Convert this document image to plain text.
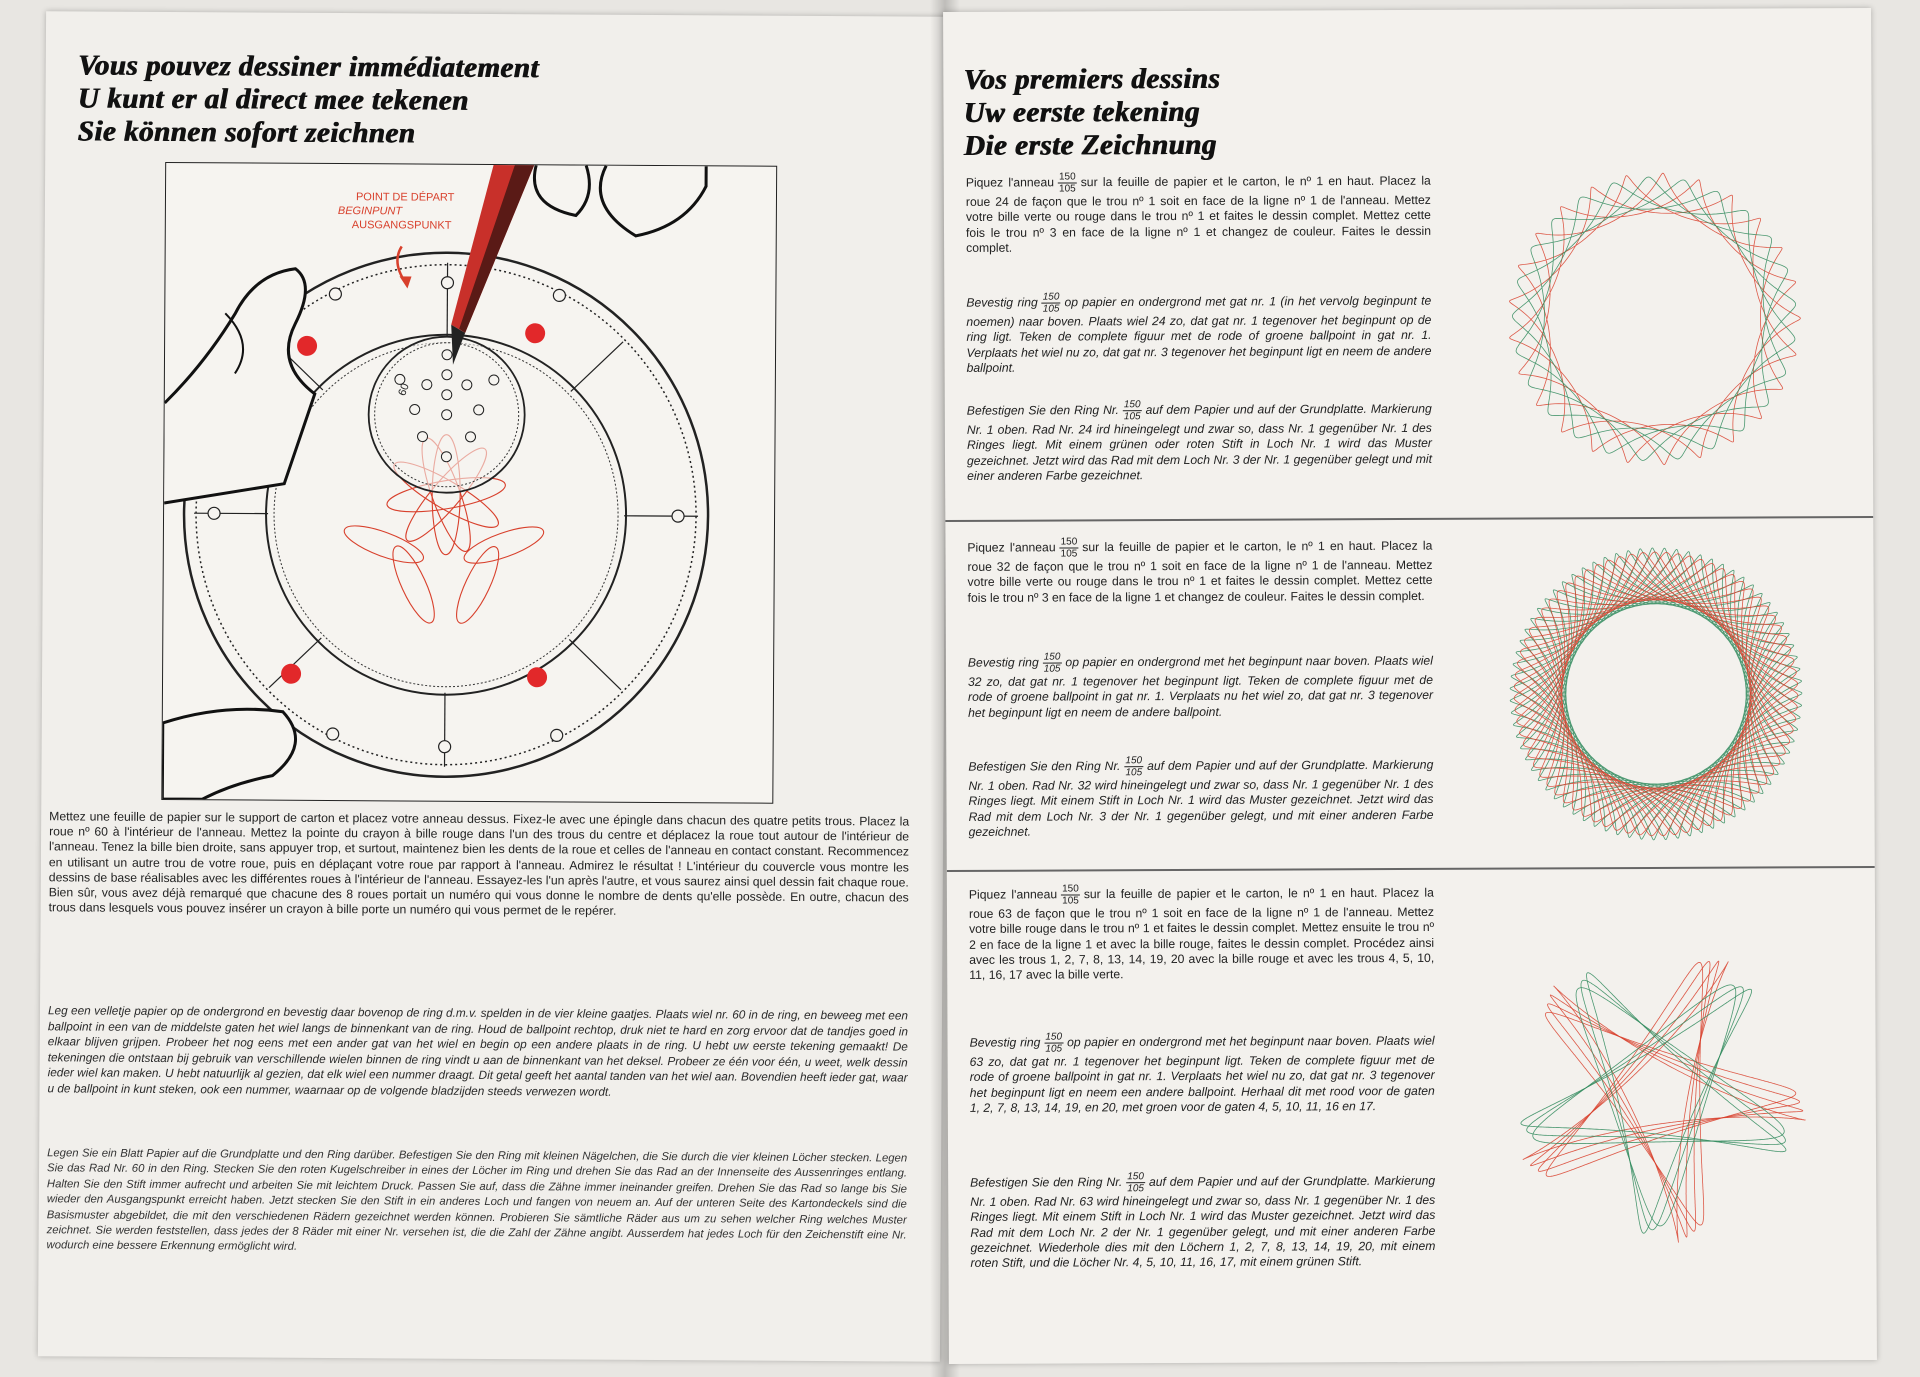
Vous pouvez dessiner immédiatement
U kunt er al direct mee tekenen
Sie können sofort zeichnen
60
POINT DE DÉPART
BEGINPUNT
AUSGANGSPUNKT
Mettez une feuille de papier sur le support de carton et placez votre anneau dessus. Fixez-le avec une épingle dans chacun des quatre petits trous. Placez la roue nº 60 à l'intérieur de l'anneau. Mettez la pointe du crayon à bille rouge dans l'un des trous du centre et déplacez la roue tout autour de l'intérieur de l'anneau. Tenez la bille bien droite, sans appuyer trop, et surtout, maintenez bien les dents de la roue et celles de l'anneau en contact constant. Recommencez en utilisant un autre trou de votre roue, puis en déplaçant votre roue par rapport à l'anneau. Admirez le résultat ! L'intérieur du couvercle vous montre les dessins de base réalisables avec les différentes roues à l'intérieur de l'anneau. Essayez-les l'un après l'autre, et vous saurez ainsi quel dessin fait chaque roue. Bien sûr, vous avez déjà remarqué que chacune des 8 roues portait un numéro qui vous donne le nombre de dents qu'elle possède. En outre, chacun des trous dans lesquels vous pouvez insérer un crayon à bille porte un numéro qui vous permet de le repérer.
Leg een velletje papier op de ondergrond en bevestig daar bovenop de ring d.m.v. spelden in de vier kleine gaatjes. Plaats wiel nr. 60 in de ring, en beweeg met een ballpoint in een van de middelste gaten het wiel langs de binnenkant van de ring. Houd de ballpoint rechtop, druk niet te hard en zorg ervoor dat de tandjes goed in elkaar blijven grijpen. Probeer het nog eens met een ander gat van het wiel en begin op een andere plaats in de ring. U hebt uw eerste tekening gemaakt! De tekeningen die ontstaan bij gebruik van verschillende wielen binnen de ring vindt u aan de binnenkant van het deksel. Probeer ze één voor één, u weet, welk dessin ieder wiel kan maken. U hebt natuurlijk al gezien, dat elk wiel een nummer draagt. Dit getal geeft het aantal tanden van het wiel aan. Bovendien heeft ieder gat, waar u de ballpoint in kunt steken, ook een nummer, waarnaar op de volgende bladzijden steeds verwezen wordt.
Legen Sie ein Blatt Papier auf die Grundplatte und den Ring darüber. Befestigen Sie den Ring mit kleinen Nägelchen, die Sie durch die vier kleinen Löcher stecken. Legen Sie das Rad Nr. 60 in den Ring. Stecken Sie den roten Kugelschreiber in eines der Löcher im Ring und drehen Sie das Rad an der Innenseite des Aussenringes entlang. Halten Sie den Stift immer aufrecht und arbeiten Sie mit leichtem Druck. Passen Sie auf, dass die Zähne immer ineinander greifen. Drehen Sie das Rad so lange bis Sie wieder den Ausgangspunkt erreicht haben. Jetzt stecken Sie den Stift in ein anderes Loch und fangen von neuem an. Auf der unteren Seite des Kartondeckels sind die Basismuster abgebildet, die mit den verschiedenen Rädern gezeichnet werden können. Probieren Sie sämtliche Räder aus um zu sehen welcher Ring welches Muster zeichnet. Sie werden feststellen, dass jedes der 8 Räder mit einer Nr. versehen ist, die die Zahl der Zähne angibt. Ausserdem hat jedes Loch für den Zeichenstift eine Nr. wodurch eine bessere Erkennung ermöglicht wird.
Vos premiers dessins
Uw eerste tekening
Die erste Zeichnung
Piquez l'anneau $\frac{150}{105}$ sur la feuille de papier et le carton, le nº 1 en haut. Placez la roue 24 de façon que le trou nº 1 soit en face de la ligne nº 1 de l'anneau. Mettez votre bille verte ou rouge dans le trou nº 1 et faites le dessin complet. Mettez cette fois le trou nº 3 en face de la ligne nº 1 et changez de couleur. Faites le dessin complet.
Bevestig ring $\frac{150}{105}$ op papier en ondergrond met gat nr. 1 (in het vervolg beginpunt te noemen) naar boven. Plaats wiel 24 zo, dat gat nr. 1 tegenover het beginpunt op de ring ligt. Teken de complete figuur met de rode of groene ballpoint in gat nr. 1. Verplaats het wiel nu zo, dat gat nr. 3 tegenover het beginpunt ligt en neem de andere ballpoint.
Befestigen Sie den Ring Nr. $\frac{150}{105}$ auf dem Papier und auf der Grundplatte. Markierung Nr. 1 oben. Rad Nr. 24 ird hineingelegt und zwar so, dass Nr. 1 gegenüber Nr. 1 des Ringes liegt. Mit einem grünen oder roten Stift in Loch Nr. 1 wird das Muster gezeichnet. Jetzt wird das Rad mit dem Loch Nr. 3 der Nr. 1 gegenüber gelegt und mit einer anderen Farbe gezeichnet.
Piquez l'anneau $\frac{150}{105}$ sur la feuille de papier et le carton, le nº 1 en haut. Placez la roue 32 de façon que le trou nº 1 soit en face de la ligne nº 1 de l'anneau. Mettez votre bille verte ou rouge dans le trou nº 1 et faites le dessin complet. Mettez cette fois le trou nº 3 en face de la ligne 1 et changez de couleur. Faites le dessin complet.
Bevestig ring $\frac{150}{105}$ op papier en ondergrond met het beginpunt naar boven. Plaats wiel 32 zo, dat gat nr. 1 tegenover het beginpunt ligt. Teken de complete figuur met de rode of groene ballpoint in gat nr. 1. Verplaats nu het wiel zo, dat gat nr. 3 tegenover het beginpunt ligt en neem de andere ballpoint.
Befestigen Sie den Ring Nr. $\frac{150}{105}$ auf dem Papier und auf der Grundplatte. Markierung Nr. 1 oben. Rad Nr. 32 wird hineingelegt und zwar so, dass Nr. 1 gegenüber Nr. 1 des Ringes liegt. Mit einem Stift in Loch Nr. 1 wird das Muster gezeichnet. Jetzt wird das Rad mit dem Loch Nr. 3 der Nr. 1 gegenüber gelegt, und mit einer anderen Farbe gezeichnet.
Piquez l'anneau $\frac{150}{105}$ sur la feuille de papier et le carton, le nº 1 en haut. Placez la roue 63 de façon que le trou nº 1 soit en face de la ligne nº 1 de l'anneau. Mettez votre bille rouge dans le trou nº 1 et faites le dessin complet. Mettez ensuite le trou nº 2 en face de la ligne 1 et avec la bille rouge, faites le dessin complet. Procédez ainsi avec les trous 1, 2, 7, 8, 13, 14, 19, 20 avec la bille rouge et avec les trous 4, 5, 10, 11, 16, 17 avec la bille verte.
Bevestig ring $\frac{150}{105}$ op papier en ondergrond met het beginpunt naar boven. Plaats wiel 63 zo, dat gat nr. 1 tegenover het beginpunt ligt. Teken de complete figuur met de rode of groene ballpoint in gat nr. 1. Verplaats het wiel nu zo, dat gat nr. 3 tegenover het beginpunt ligt en neem een andere ballpoint. Herhaal dit met rood voor de gaten 1, 2, 7, 8, 13, 14, 19, en 20, met groen voor de gaten 4, 5, 10, 11, 16 en 17.
Befestigen Sie den Ring Nr. $\frac{150}{105}$ auf dem Papier und auf der Grundplatte. Markierung Nr. 1 oben. Rad Nr. 63 wird hineingelegt und zwar so, dass Nr. 1 gegenüber Nr. 1 des Ringes liegt. Mit einem Stift in Loch Nr. 1 wird das Muster gezeichnet. Jetzt wird das Rad mit dem Loch Nr. 2 der Nr. 1 gegenüber gelegt, und mit einer anderen Farbe gezeichnet. Wiederhole dies mit den Löchern 1, 2, 7, 8, 13, 14, 19, 20, mit einem roten Stift, und die Löcher Nr. 4, 5, 10, 11, 16, 17, mit einem grünen Stift.
